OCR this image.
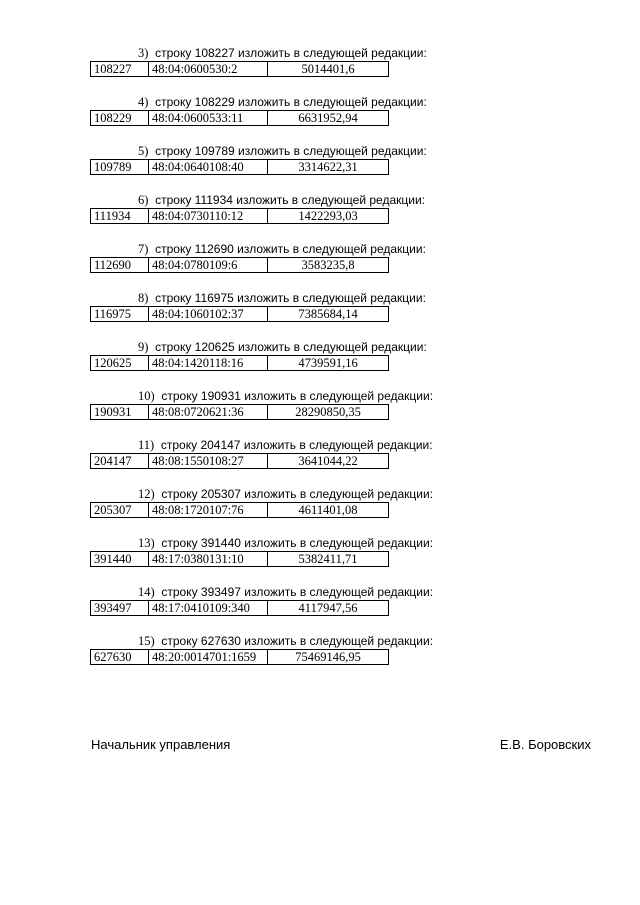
3) строку 108227 изложить в следующей редакции:
108227	48:04:0600530:2	5014401,6
4) строку 108229 изложить в следующей редакции:
108229	48:04:0600533:11	6631952,94
5) строку 109789 изложить в следующей редакции:
109789	48:04:0640108:40	3314622,31
6) строку 111934 изложить в следующей редакции:
111934	48:04:0730110:12	1422293,03
7) строку 112690 изложить в следующей редакции:
112690	48:04:0780109:6	3583235,8
8) строку 116975 изложить в следующей редакции:
116975	48:04:1060102:37	7385684,14
9) строку 120625 изложить в следующей редакции:
120625	48:04:1420118:16	4739591,16
10) строку 190931 изложить в следующей редакции:
190931	48:08:0720621:36	28290850,35
11) строку 204147 изложить в следующей редакции:
204147	48:08:1550108:27	3641044,22
12) строку 205307 изложить в следующей редакции:
205307	48:08:1720107:76	4611401,08
13) строку 391440 изложить в следующей редакции:
391440	48:17:0380131:10	5382411,71
14) строку 393497 изложить в следующей редакции:
393497	48:17:0410109:340	4117947,56
15) строку 627630 изложить в следующей редакции:
627630	48:20:0014701:1659	75469146,95
Начальник управления	Е.В. Боровских
